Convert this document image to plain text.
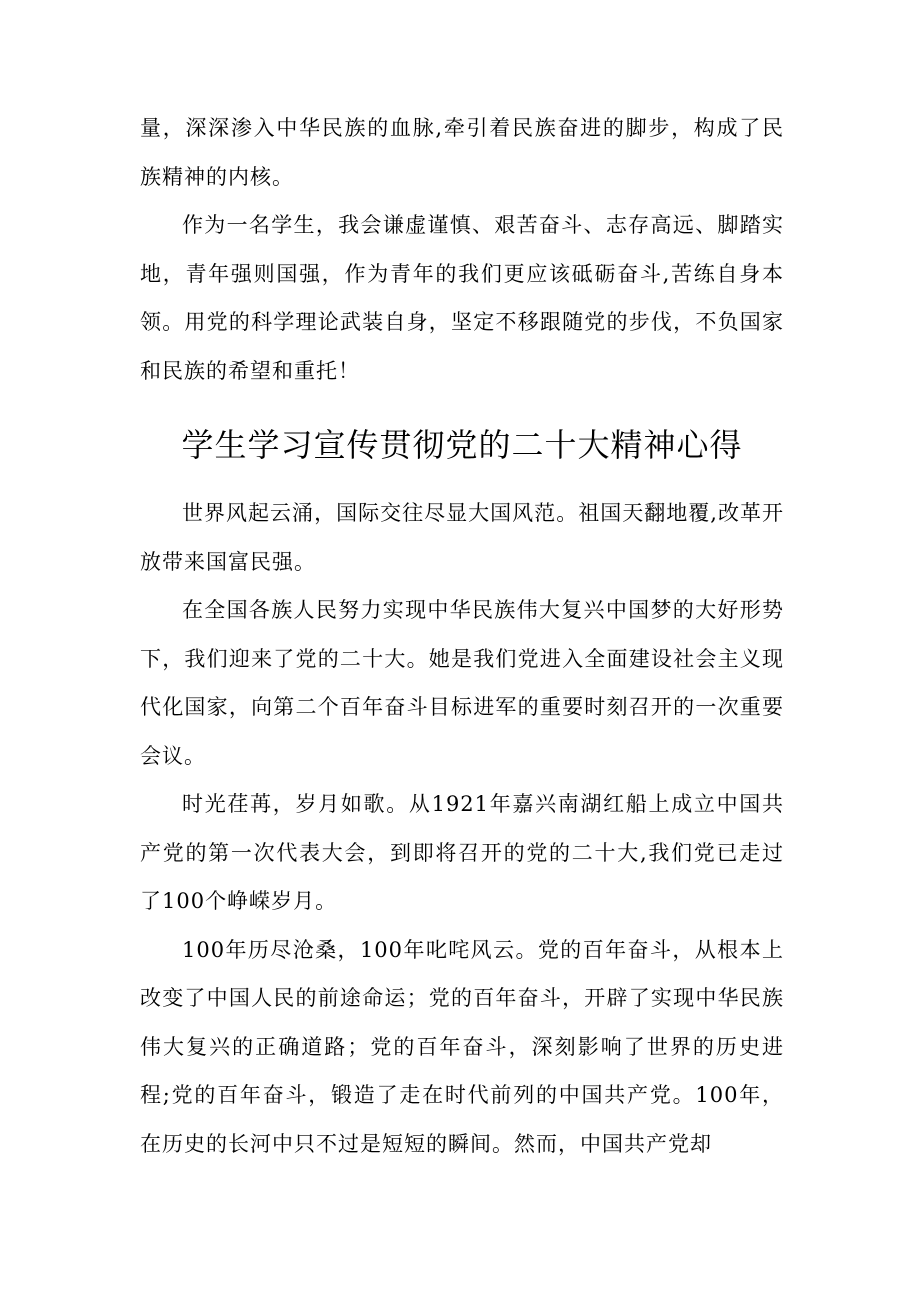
量，深深渗入中华民族的血脉,牵引着民族奋进的脚步，构成了民族精神的内核。

作为一名学生，我会谦虚谨慎、艰苦奋斗、志存高远、脚踏实地，青年强则国强，作为青年的我们更应该砥砺奋斗,苦练自身本领。用党的科学理论武装自身，坚定不移跟随党的步伐，不负国家和民族的希望和重托！

学生学习宣传贯彻党的二十大精神心得

世界风起云涌，国际交往尽显大国风范。祖国天翻地覆,改革开放带来国富民强。

在全国各族人民努力实现中华民族伟大复兴中国梦的大好形势下，我们迎来了党的二十大。她是我们党进入全面建设社会主义现代化国家，向第二个百年奋斗目标进军的重要时刻召开的一次重要会议。

时光荏苒，岁月如歌。从1921年嘉兴南湖红船上成立中国共产党的第一次代表大会，到即将召开的党的二十大,我们党已走过了100个峥嵘岁月。

100年历尽沧桑，100年叱咤风云。党的百年奋斗，从根本上改变了中国人民的前途命运；党的百年奋斗，开辟了实现中华民族伟大复兴的正确道路；党的百年奋斗，深刻影响了世界的历史进程;党的百年奋斗，锻造了走在时代前列的中国共产党。100年，在历史的长河中只不过是短短的瞬间。然而，中国共产党却
